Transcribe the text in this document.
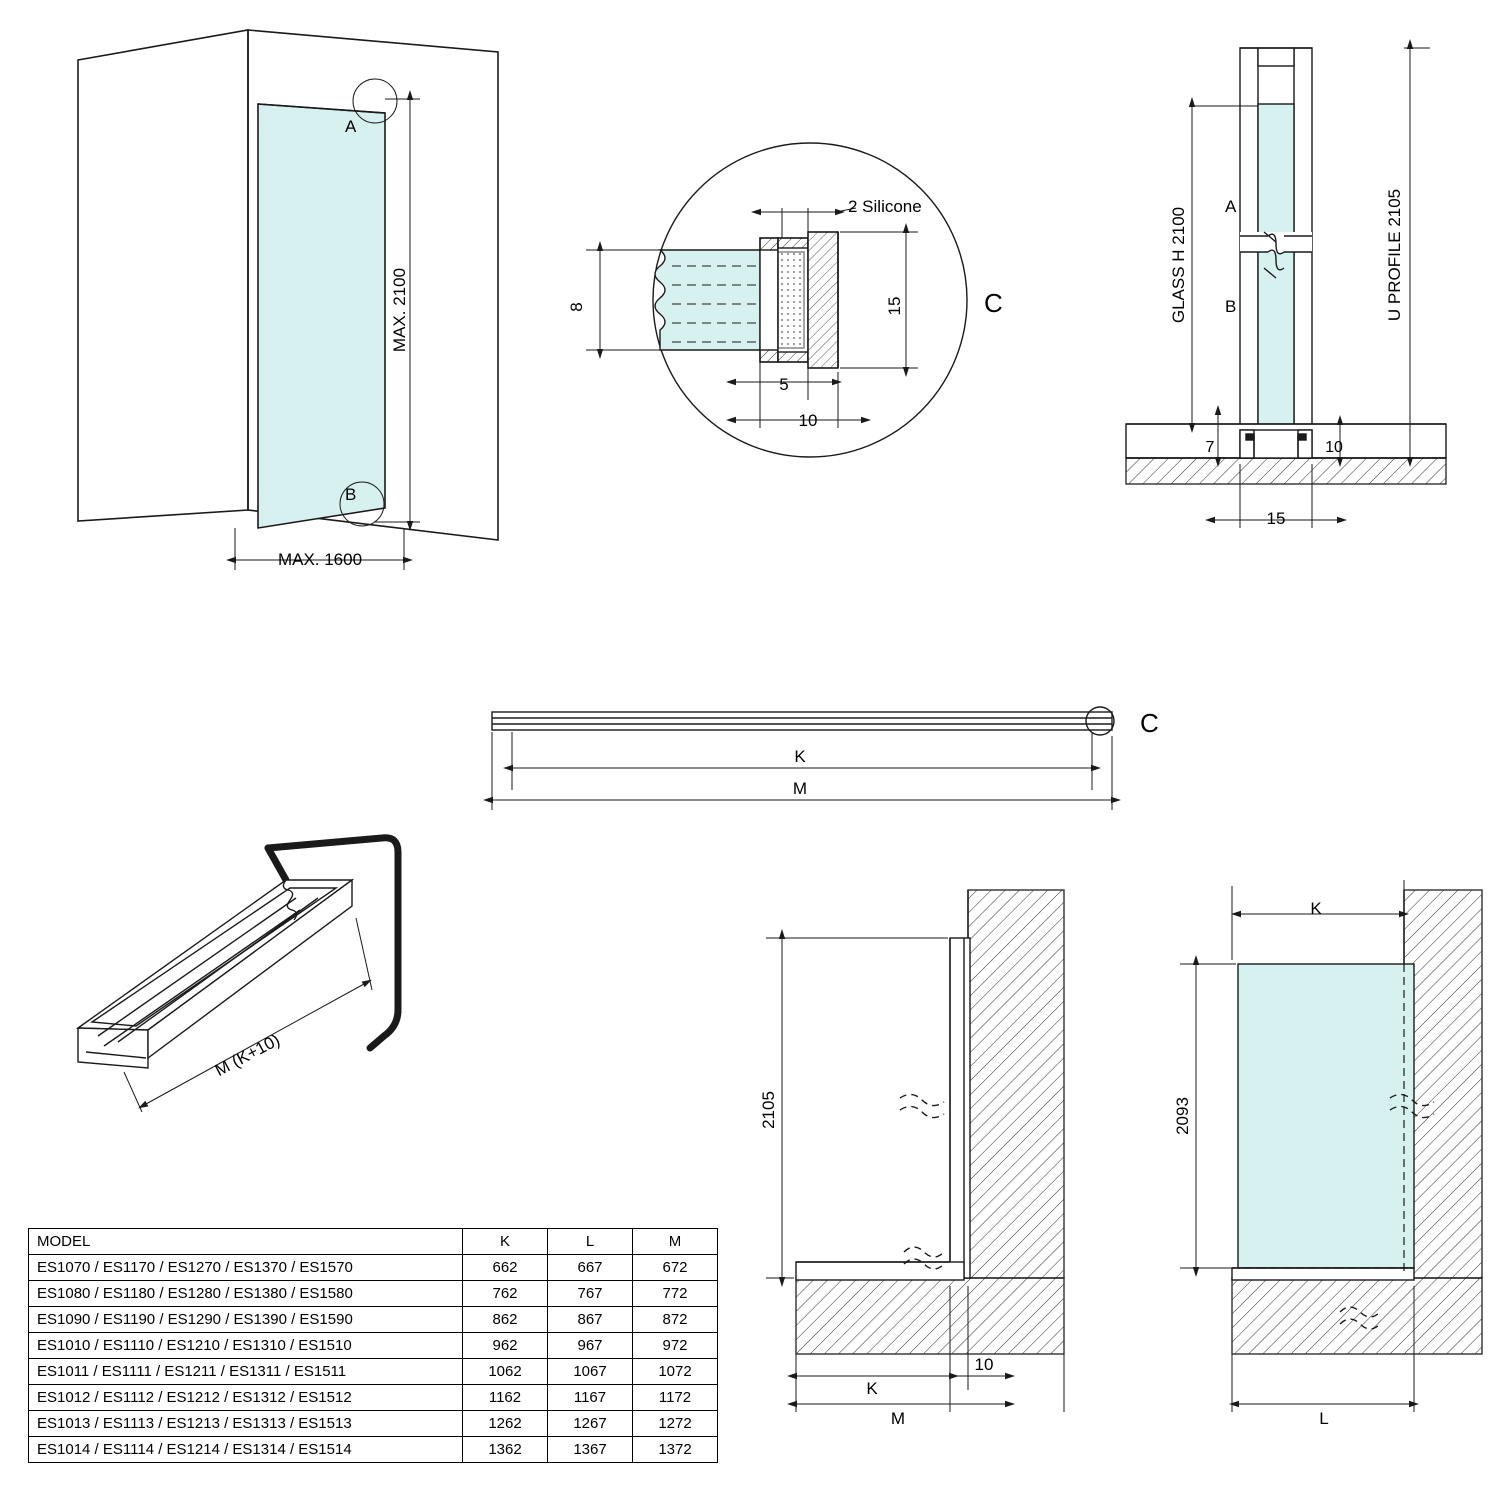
A
B
MAX. 2100
MAX. 1600
8	15
5
10
2 Silicone
C	GLASS H 2100	U PROFILE 2105
A
B
7	10
15
K
M
C
M (K+10)
2105
K
10
M
K
2093
L
MODEL	K	L	M
ES1070 / ES1170 / ES1270 / ES1370 / ES1570	662	667	672
ES1080 / ES1180 / ES1280 / ES1380 / ES1580	762	767	772
ES1090 / ES1190 / ES1290 / ES1390 / ES1590	862	867	872
ES1010 / ES1110 / ES1210 / ES1310 / ES1510	962	967	972
ES1011 / ES1111 / ES1211 / ES1311 / ES1511	1062	1067	1072
ES1012 / ES1112 / ES1212 / ES1312 / ES1512	1162	1167	1172
ES1013 / ES1113 / ES1213 / ES1313 / ES1513	1262	1267	1272
ES1014 / ES1114 / ES1214 / ES1314 / ES1514	1362	1367	1372
